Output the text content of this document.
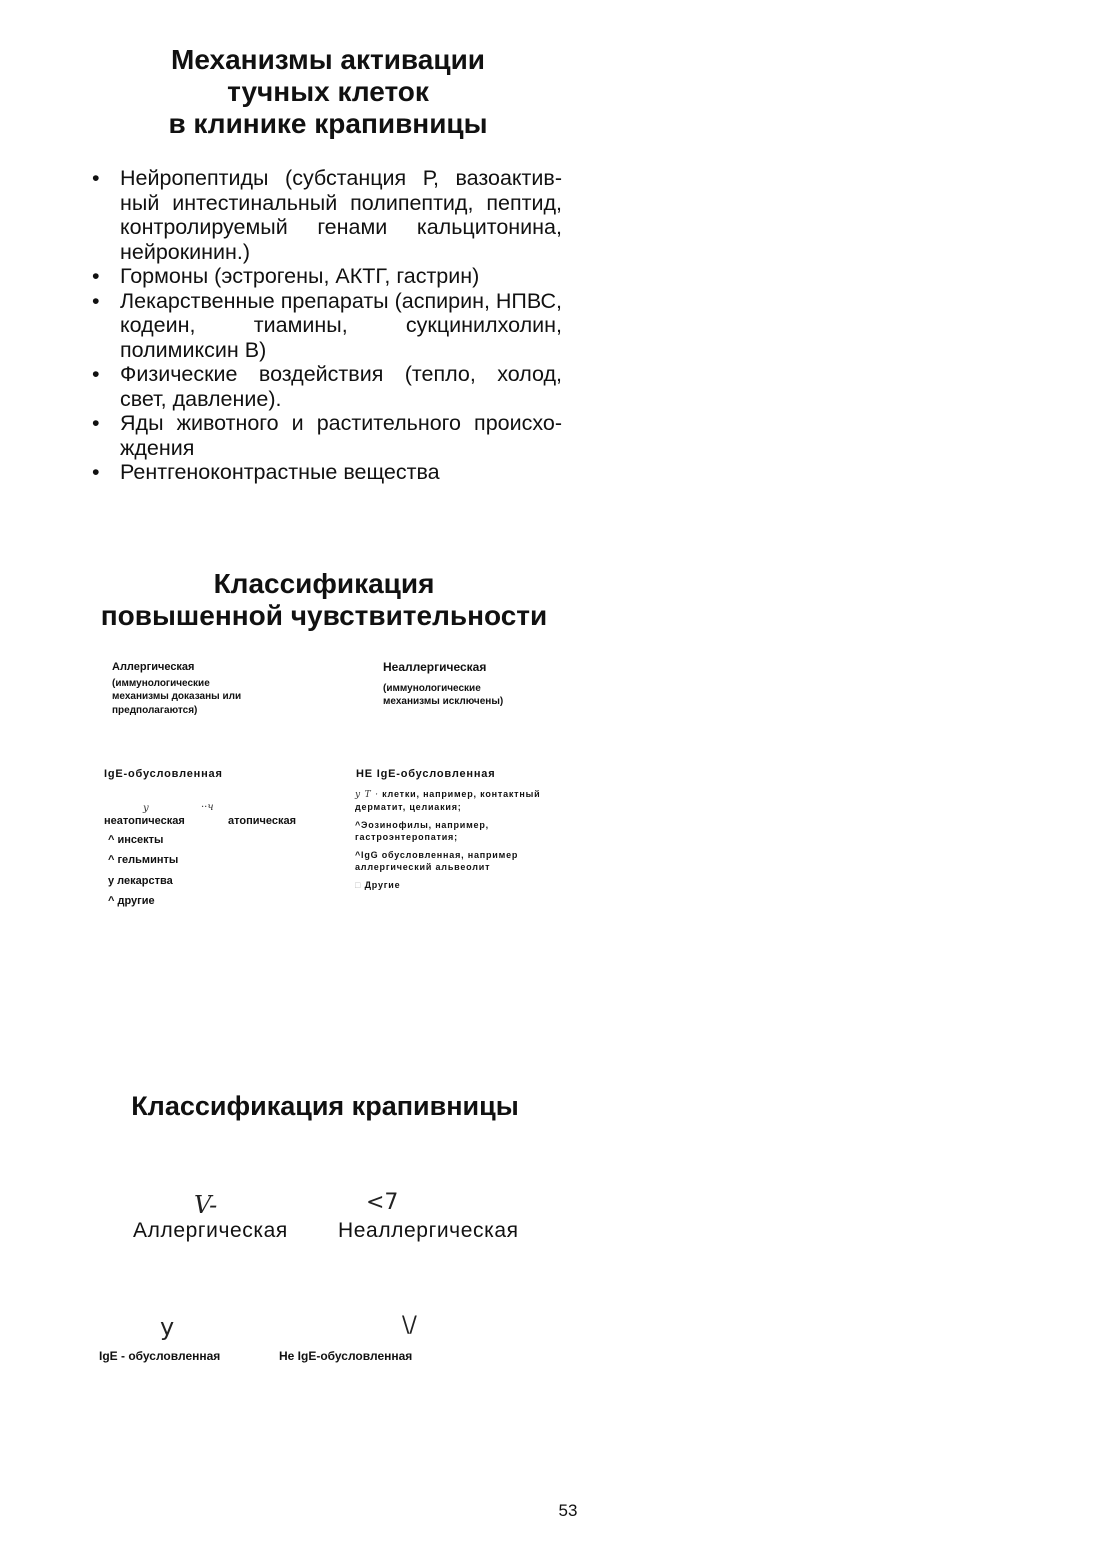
Механизмы активации
тучных клеток
в клинике крапивницы
• Нейропептиды (субстанция Р, вазоактив-ный интестинальный полипептид, пептид, контролируемый генами кальцитонина, нейрокинин.)
• Гормоны (эстрогены, АКТГ, гастрин)
• Лекарственные препараты (аспирин, НПВС, кодеин, тиамины, сукцинилхолин, полимиксин В)
• Физические воздействия (тепло, холод, свет, давление).
• Яды животного и растительного происхо-ждения
• Рентгеноконтрастные вещества
Классификация
повышенной чувствительности
Аллергическая
(иммунологические
механизмы доказаны или
предполагаются)
Неаллергическая
(иммунологические
механизмы исключены)
IgE-обусловленная	НЕ IgE-обусловленная
у	··ч
неатопическая	атопическая
^ инсекты
^ гельминты
у лекарства
^ другие
у Т · клетки, например, контактный
дерматит, целиакия;
^Эозинофилы, например,
гастроэнтеропатия;
^IgG обусловленная, например
аллергический альвеолит
□ Другие
Классификация крапивницы
V-	<7
Аллергическая Неаллергическая
у	\/
IgE - обусловленная	Не IgE-обусловленная
53
